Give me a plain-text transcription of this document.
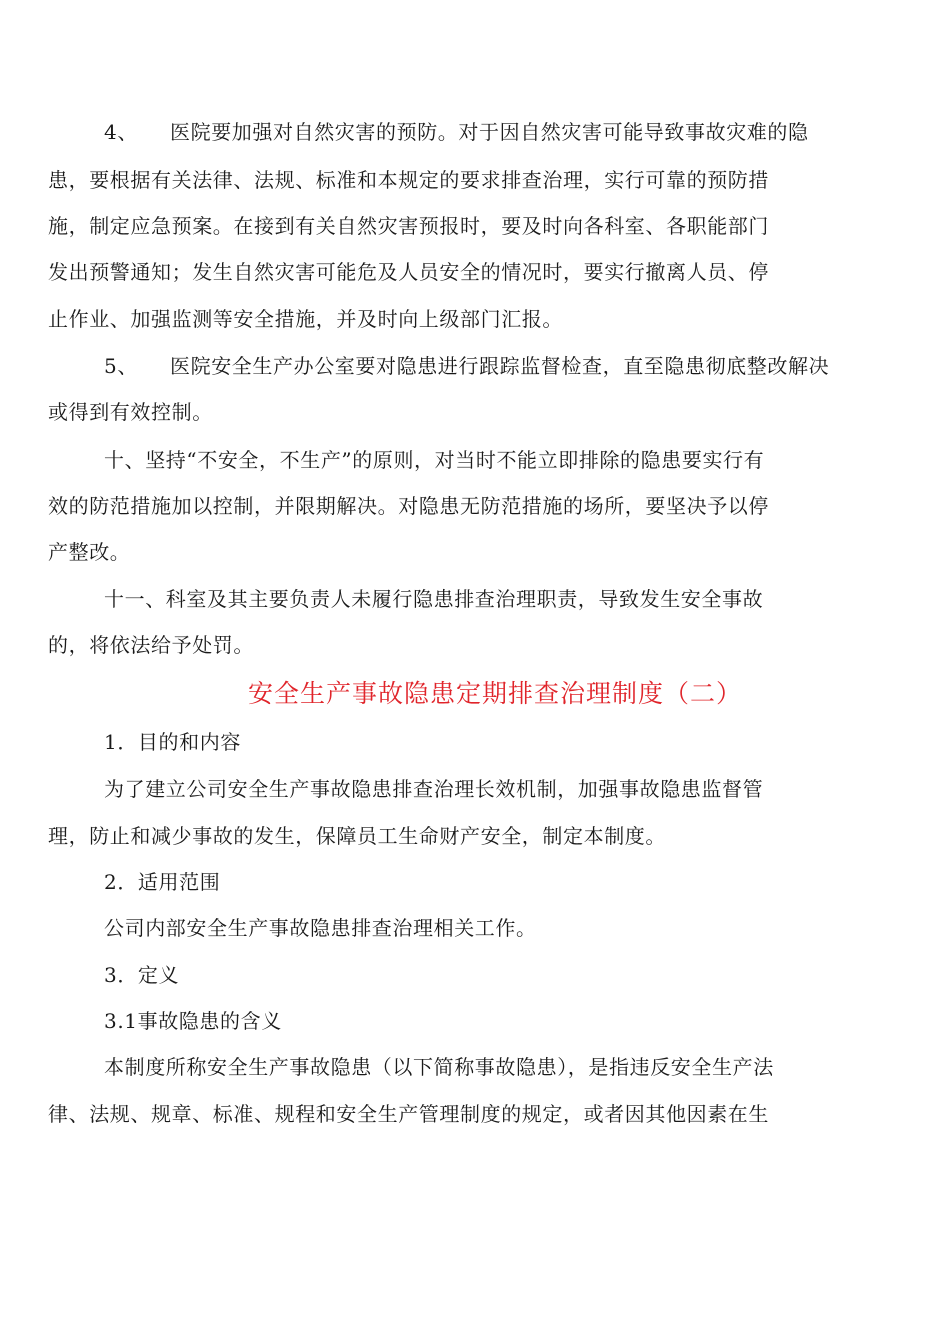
4、 医院要加强对自然灾害的预防。对于因自然灾害可能导致事故灾难的隐
患，要根据有关法律、法规、标准和本规定的要求排查治理，实行可靠的预防措
施，制定应急预案。在接到有关自然灾害预报时，要及时向各科室、各职能部门
发出预警通知；发生自然灾害可能危及人员安全的情况时，要实行撤离人员、停
止作业、加强监测等安全措施，并及时向上级部门汇报。
5、 医院安全生产办公室要对隐患进行跟踪监督检查，直至隐患彻底整改解决
或得到有效控制。
十、坚持“不安全，不生产”的原则，对当时不能立即排除的隐患要实行有
效的防范措施加以控制，并限期解决。对隐患无防范措施的场所，要坚决予以停
产整改。
十一、科室及其主要负责人未履行隐患排查治理职责，导致发生安全事故
的，将依法给予处罚。
安全生产事故隐患定期排查治理制度（二）
1．目的和内容
为了建立公司安全生产事故隐患排查治理长效机制，加强事故隐患监督管
理，防止和减少事故的发生，保障员工生命财产安全，制定本制度。
2．适用范围
公司内部安全生产事故隐患排查治理相关工作。
3．定义
3.1事故隐患的含义
本制度所称安全生产事故隐患（以下简称事故隐患），是指违反安全生产法
律、法规、规章、标准、规程和安全生产管理制度的规定，或者因其他因素在生
